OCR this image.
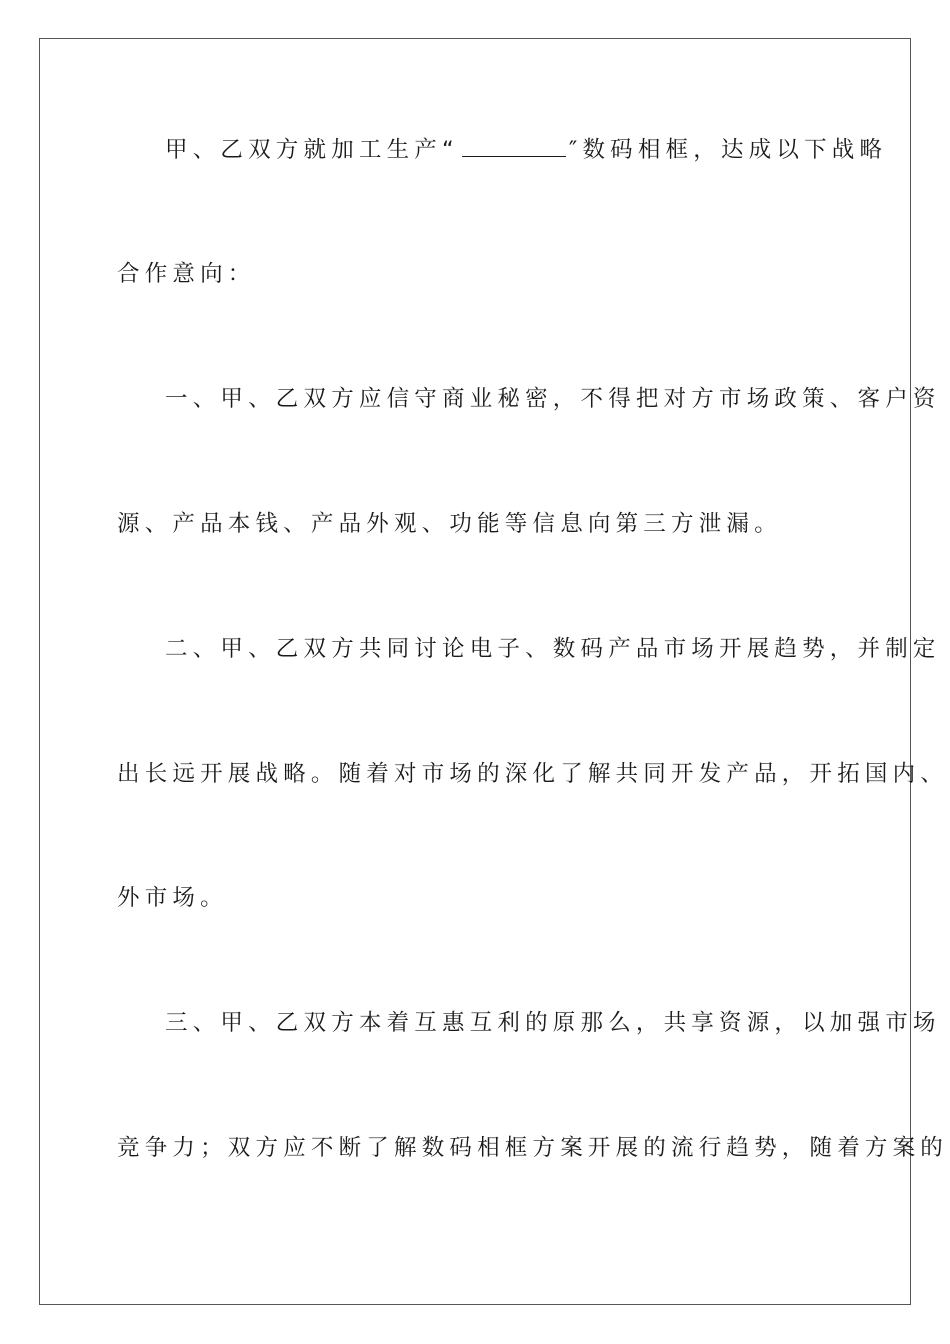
甲、乙双方就加工生产“	″数码相框，达成以下战略
合作意向：
一、甲、乙双方应信守商业秘密，不得把对方市场政策、客户资
源、产品本钱、产品外观、功能等信息向第三方泄漏。
二、甲、乙双方共同讨论电子、数码产品市场开展趋势，并制定
出长远开展战略。随着对市场的深化了解共同开发产品，开拓国内、
外市场。
三、甲、乙双方本着互惠互利的原那么，共享资源，以加强市场
竞争力；双方应不断了解数码相框方案开展的流行趋势，随着方案的
